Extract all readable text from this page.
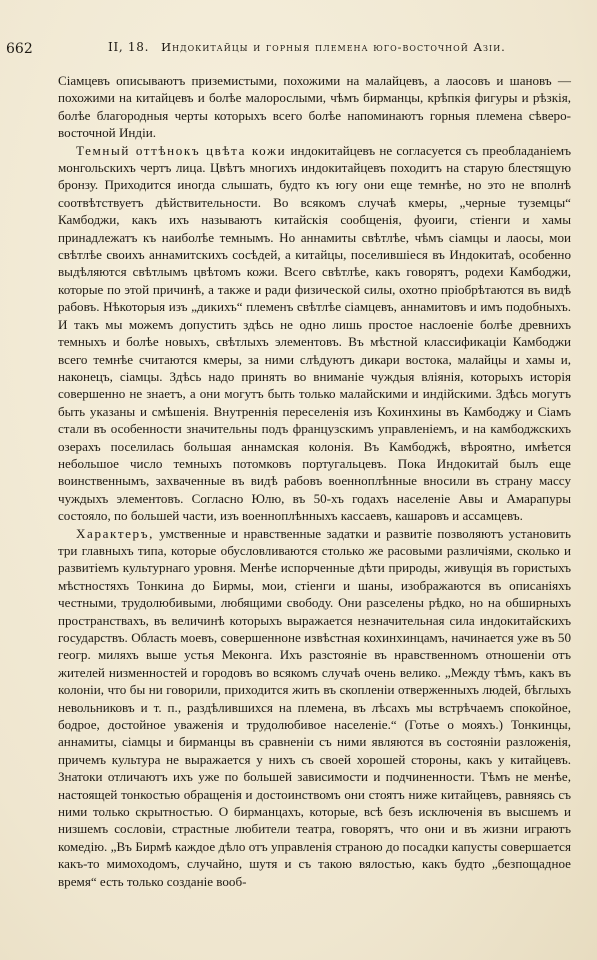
662	II, 18. Индокитайцы и горныя племена юго-восточной Азіи.

Сіамцевъ описываютъ приземистыми, похожими на малайцевъ, а лаосовъ и шановъ — похожими на китайцевъ и болѣе малорослыми, чѣмъ бирманцы, крѣпкія фигуры и рѣзкія, болѣе благородныя черты которыхъ всего болѣе напоминаютъ горныя племена сѣверо-восточной Индіи.

Темный оттѣнокъ цвѣта кожи индокитайцевъ не согласуется съ преобладаніемъ монгольскихъ чертъ лица. Цвѣтъ многихъ индокитайцевъ походитъ на старую блестящую бронзу. Приходится иногда слышать, будто къ югу они еще темнѣе, но это не вполнѣ соотвѣтствуетъ дѣйствительности. Во всякомъ случаѣ кмеры, „черные туземцы“ Камбоджи, какъ ихъ называютъ китайскія сообщенія, фуоиги, стіенги и хамы принадлежатъ къ наиболѣе темнымъ. Но аннамиты свѣтлѣе, чѣмъ сіамцы и лаосы, мои свѣтлѣе своихъ аннамитскихъ сосѣдей, а китайцы, поселившіеся въ Индокитаѣ, особенно выдѣляются свѣтлымъ цвѣтомъ кожи. Всего свѣтлѣе, какъ говорятъ, родехи Камбоджи, которые по этой причинѣ, а также и ради физической силы, охотно пріобрѣтаются въ видѣ рабовъ. Нѣкоторыя изъ „дикихъ“ племенъ свѣтлѣе сіамцевъ, аннамитовъ и имъ подобныхъ. И такъ мы можемъ допустить здѣсь не одно лишь простое наслоеніе болѣе древнихъ темныхъ и болѣе новыхъ, свѣтлыхъ элементовъ. Въ мѣстной классификаціи Камбоджи всего темнѣе считаются кмеры, за ними слѣдуютъ дикари востока, малайцы и хамы и, наконецъ, сіамцы. Здѣсь надо принять во вниманіе чуждыя вліянія, которыхъ исторія совершенно не знаетъ, а они могутъ быть только малайскими и индійскими. Здѣсь могутъ быть указаны и смѣшенія. Внутреннія переселенія изъ Кохинхины въ Камбоджу и Сіамъ стали въ особенности значительны подъ французскимъ управленіемъ, и на камбоджскихъ озерахъ поселилась большая аннамская колонія. Въ Камбоджѣ, вѣроятно, имѣется небольшое число темныхъ потомковъ португальцевъ. Пока Индокитай былъ еще воинственнымъ, захваченные въ видѣ рабовъ военноплѣнные вносили въ страну массу чуждыхъ элементовъ. Согласно Юлю, въ 50-хъ годахъ населеніе Авы и Амарапуры состояло, по большей части, изъ военноплѣнныхъ кассаевъ, кашаровъ и ассамцевъ.

Характеръ, умственные и нравственные задатки и развитіе позволяютъ установить три главныхъ типа, которые обусловливаются столько же расовыми различіями, сколько и развитіемъ культурнаго уровня. Менѣе испорченные дѣти природы, живущія въ гористыхъ мѣстностяхъ Тонкина до Бирмы, мои, стіенги и шаны, изображаются въ описаніяхъ честными, трудолюбивыми, любящими свободу. Они разселены рѣдко, но на обширныхъ пространствахъ, въ величинѣ которыхъ выражается незначительная сила индокитайскихъ государствъ. Область моевъ, совершенноне извѣстная кохинхинцамъ, начинается уже въ 50 геогр. миляхъ выше устья Меконга. Ихъ разстояніе въ нравственномъ отношеніи отъ жителей низменностей и городовъ во всякомъ случаѣ очень велико. „Между тѣмъ, какъ въ колоніи, что бы ни говорили, приходится жить въ скопленіи отверженныхъ людей, бѣглыхъ невольниковъ и т. п., раздѣлившихся на племена, въ лѣсахъ мы встрѣчаемъ спокойное, бодрое, достойное уваженія и трудолюбивое населеніе.“ (Готье о мояхъ.) Тонкинцы, аннамиты, сіамцы и бирманцы въ сравненіи съ ними являются въ состояніи разложенія, причемъ культура не выражается у нихъ съ своей хорошей стороны, какъ у китайцевъ. Знатоки отличаютъ ихъ уже по большей зависимости и подчиненности. Тѣмъ не менѣе, настоящей тонкостью обращенія и достоинствомъ они стоятъ ниже китайцевъ, равняясь съ ними только скрытностью. О бирманцахъ, которые, всѣ безъ исключенія въ высшемъ и низшемъ сословіи, страстные любители театра, говорятъ, что они и въ жизни играютъ комедію. „Въ Бирмѣ каждое дѣло отъ управленія страною до посадки капусты совершается какъ-то мимоходомъ, случайно, шутя и съ такою вялостью, какъ будто „безпощадное время“ есть только созданіе вооб-
